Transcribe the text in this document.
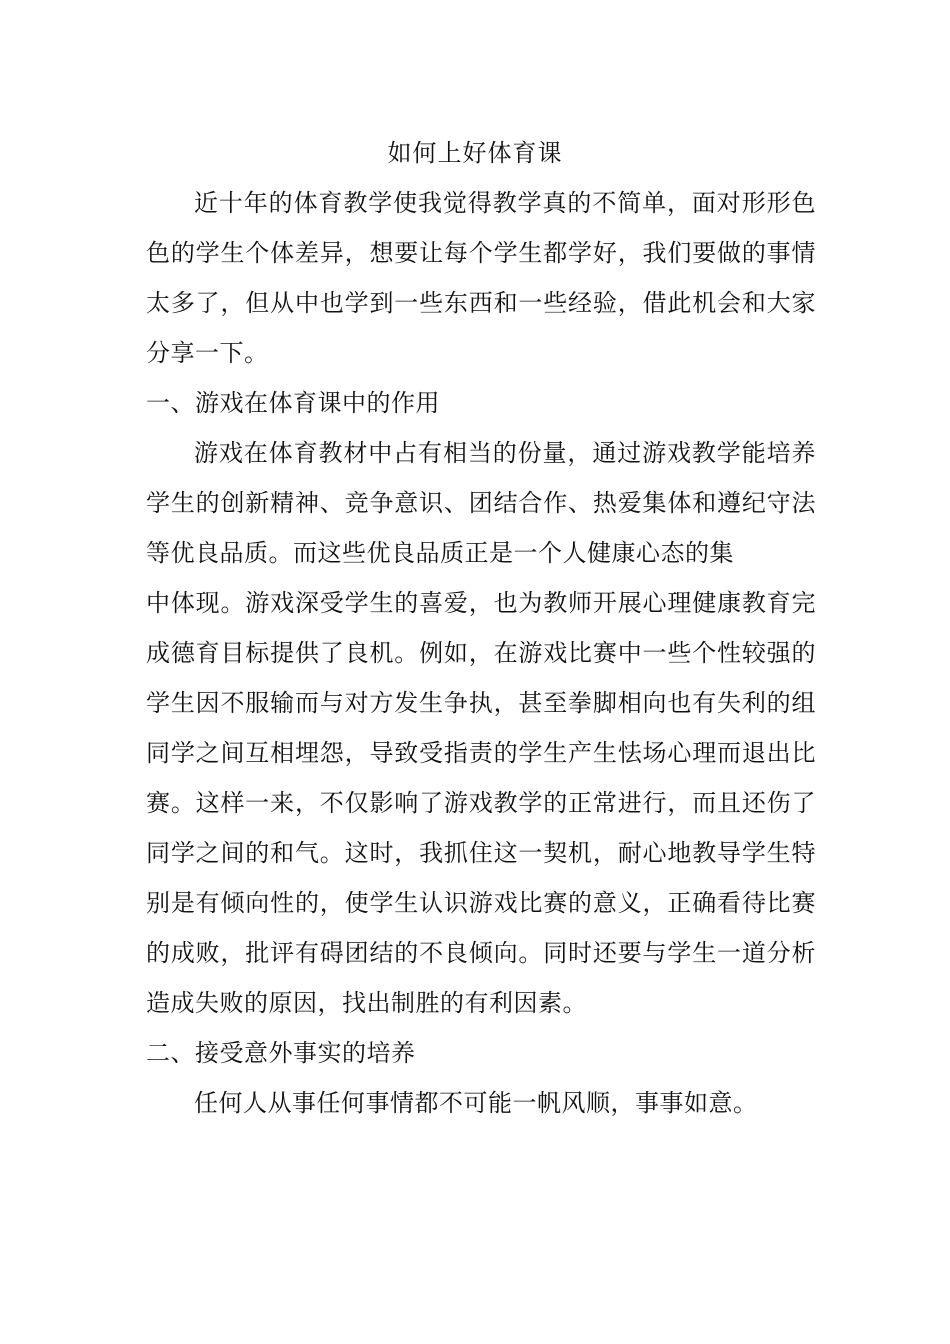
如何上好体育课

近十年的体育教学使我觉得教学真的不简单，面对形形色色的学生个体差异，想要让每个学生都学好，我们要做的事情太多了，但从中也学到一些东西和一些经验，借此机会和大家分享一下。

一、游戏在体育课中的作用

游戏在体育教材中占有相当的份量，通过游戏教学能培养学生的创新精神、竞争意识、团结合作、热爱集体和遵纪守法等优良品质。而这些优良品质正是一个人健康心态的集

中体现。游戏深受学生的喜爱，也为教师开展心理健康教育完成德育目标提供了良机。例如，在游戏比赛中一些个性较强的学生因不服输而与对方发生争执，甚至拳脚相向也有失利的组同学之间互相埋怨，导致受指责的学生产生怯场心理而退出比赛。这样一来，不仅影响了游戏教学的正常进行，而且还伤了同学之间的和气。这时，我抓住这一契机，耐心地教导学生特别是有倾向性的，使学生认识游戏比赛的意义，正确看待比赛的成败，批评有碍团结的不良倾向。同时还要与学生一道分析造成失败的原因，找出制胜的有利因素。

二、接受意外事实的培养

任何人从事任何事情都不可能一帆风顺，事事如意。
